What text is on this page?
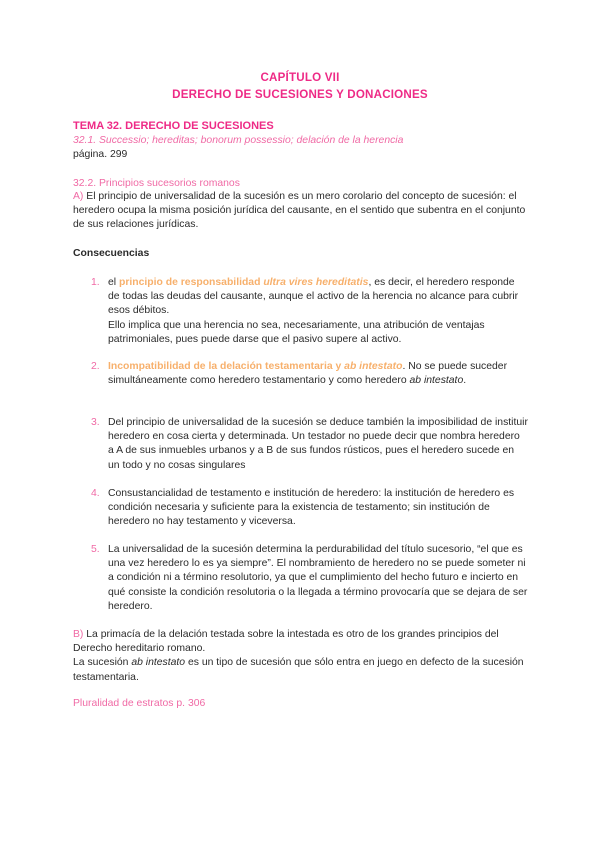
CAPÍTULO VII
DERECHO DE SUCESIONES Y DONACIONES
TEMA 32. DERECHO DE SUCESIONES
32.1. Successio; hereditas; bonorum possessio; delación de la herencia
página. 299
32.2. Principios sucesorios romanos
A) El principio de universalidad de la sucesión es un mero corolario del concepto de sucesión: el heredero ocupa la misma posición jurídica del causante, en el sentido que subentra en el conjunto de sus relaciones jurídicas.
Consecuencias
1. el principio de responsabilidad ultra vires hereditatis, es decir, el heredero responde de todas las deudas del causante, aunque el activo de la herencia no alcance para cubrir esos débitos.
Ello implica que una herencia no sea, necesariamente, una atribución de ventajas patrimoniales, pues puede darse que el pasivo supere al activo.
2. Incompatibilidad de la delación testamentaria y ab intestato. No se puede suceder simultáneamente como heredero testamentario y como heredero ab intestato.
3. Del principio de universalidad de la sucesión se deduce también la imposibilidad de instituir heredero en cosa cierta y determinada. Un testador no puede decir que nombra heredero a A de sus inmuebles urbanos y a B de sus fundos rústicos, pues el heredero sucede en un todo y no cosas singulares
4. Consustancialidad de testamento e institución de heredero: la institución de heredero es condición necesaria y suficiente para la existencia de testamento; sin institución de heredero no hay testamento y viceversa.
5. La universalidad de la sucesión determina la perdurabilidad del título sucesorio, “el que es una vez heredero lo es ya siempre”. El nombramiento de heredero no se puede someter ni a condición ni a término resolutorio, ya que el cumplimiento del hecho futuro e incierto en qué consiste la condición resolutoria o la llegada a término provocaría que se dejara de ser heredero.
B) La primacía de la delación testada sobre la intestada es otro de los grandes principios del Derecho hereditario romano.
La sucesión ab intestato es un tipo de sucesión que sólo entra en juego en defecto de la sucesión testamentaria.
Pluralidad de estratos p. 306
